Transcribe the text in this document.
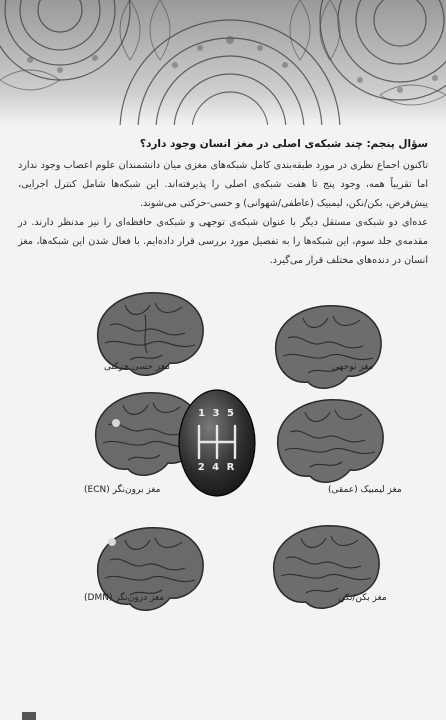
سؤال پنجم: چند شبکه‌ی اصلی در مغز انسان وجود دارد؟

تاکنون اجماع نظری در مورد طبقه‌بندی کامل شبکه‌های مغزی میان دانشمندان علوم اعصاب وجود ندارد اما تقریباً همه، وجود پنج تا هفت شبکه‌ی اصلی را پذیرفته‌اند. این شبکه‌ها شامل کنترل اجرایی، پیش‌فرض، بکن/نکن، لیمبیک (عاطفی/شهوانی) و حسی-حرکتی می‌شوند.

عده‌ای دو شبکه‌ی مستقل دیگر با عنوان شبکه‌ی توجهی و شبکه‌ی حافظه‌ای را نیز مدنظر دارند. در مقدمه‌ی جلد سوم، این شبکه‌ها را به تفصیل مورد بررسی قرار داده‌ایم. با فعال شدن این شبکه‌ها، مغز انسان در دنده‌های مختلف قرار می‌گیرد.

مغز حسی حرکتی	مغز توجهی
مغز برون‌نگر (ECN)	مغز لیمبیک (عمقی)
مغز درون‌نگر (DMN)	مغز بکن/نکن
1 3 5
2 4 R
